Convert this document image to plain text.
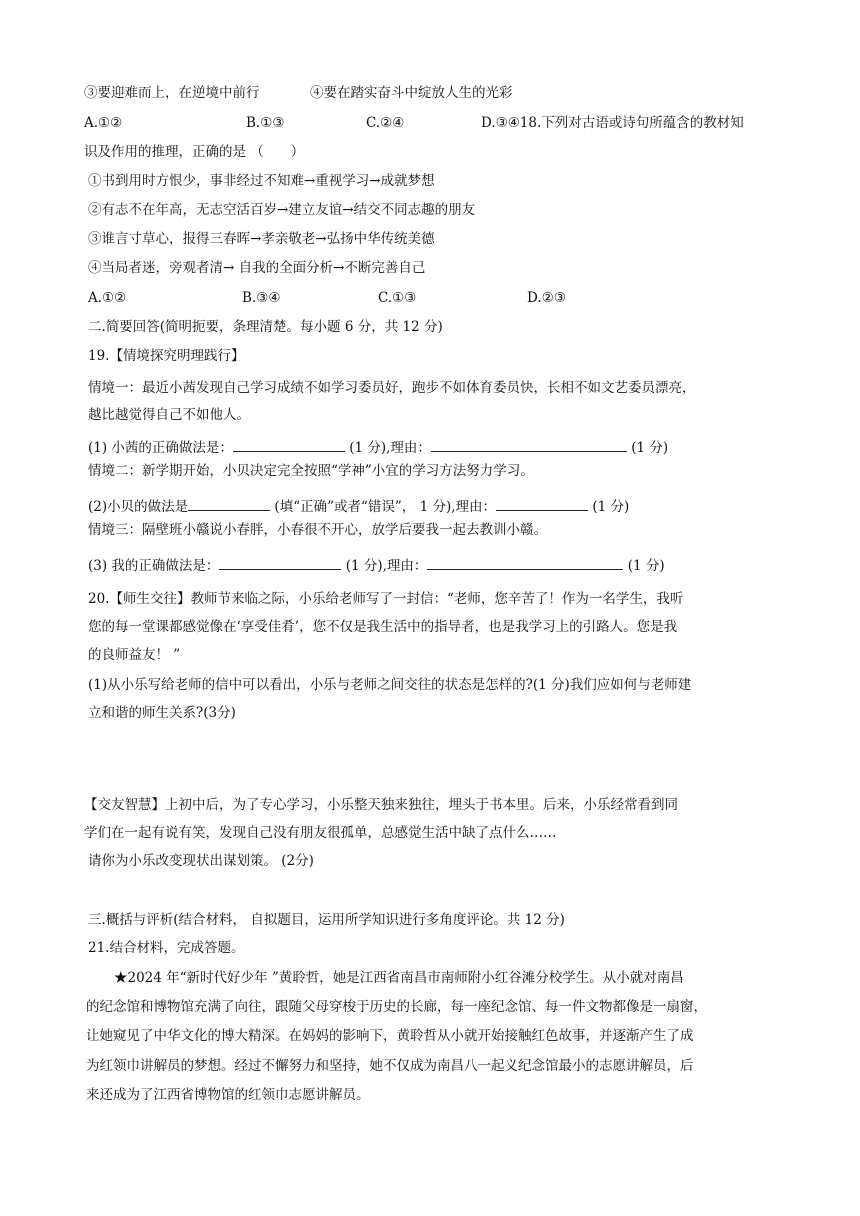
③要迎难而上，在逆境中前行	④要在踏实奋斗中绽放人生的光彩
A.①②	B.①③	C.②④	D.③④18.下列对古语或诗句所蕴含的教材知
识及作用的推理，正确的是 （　　）
①书到用时方恨少，事非经过不知难→重视学习→成就梦想
②有志不在年高，无志空活百岁→建立友谊→结交不同志趣的朋友
③谁言寸草心，报得三春晖→孝亲敬老→弘扬中华传统美德
④当局者迷，旁观者清→ 自我的全面分析→不断完善自己
A.①②	B.③④	C.①③	D.②③
二.简要回答(简明扼要，条理清楚。每小题 6 分，共 12 分)
19.【情境探究明理践行】
情境一：最近小茜发现自己学习成绩不如学习委员好，跑步不如体育委员快，长相不如文艺委员漂亮，
越比越觉得自己不如他人。
(1) 小茜的正确做法是：	(1 分),理由：	(1 分)
情境二：新学期开始，小贝决定完全按照“学神”小宜的学习方法努力学习。
(2)小贝的做法是	(填“正确”或者“错误”， 1 分),理由：	(1 分)
情境三：隔壁班小赣说小春胖，小春很不开心，放学后要我一起去教训小赣。
(3) 我的正确做法是：	(1 分),理由：	(1 分)
20.【师生交往】教师节来临之际，小乐给老师写了一封信：“老师，您辛苦了！作为一名学生，我听
您的每一堂课都感觉像在‘享受佳肴’，您不仅是我生活中的指导者，也是我学习上的引路人。您是我
的良师益友！ ”
(1)从小乐写给老师的信中可以看出，小乐与老师之间交往的状态是怎样的?(1 分)我们应如何与老师建
立和谐的师生关系?(3分)
【交友智慧】上初中后，为了专心学习，小乐整天独来独往，埋头于书本里。后来，小乐经常看到同
学们在一起有说有笑，发现自己没有朋友很孤单，总感觉生活中缺了点什么……
请你为小乐改变现状出谋划策。 (2分)
三.概括与评析(结合材料， 自拟题目，运用所学知识进行多角度评论。共 12 分)
21.结合材料，完成答题。
★2024 年“新时代好少年 ”黄聆哲，她是江西省南昌市南师附小红谷滩分校学生。从小就对南昌
的纪念馆和博物馆充满了向往，跟随父母穿梭于历史的长廊，每一座纪念馆、每一件文物都像是一扇窗，
让她窥见了中华文化的博大精深。在妈妈的影响下，黄聆哲从小就开始接触红色故事，并逐渐产生了成
为红领巾讲解员的梦想。经过不懈努力和坚持，她不仅成为南昌八一起义纪念馆最小的志愿讲解员，后
来还成为了江西省博物馆的红领巾志愿讲解员。
